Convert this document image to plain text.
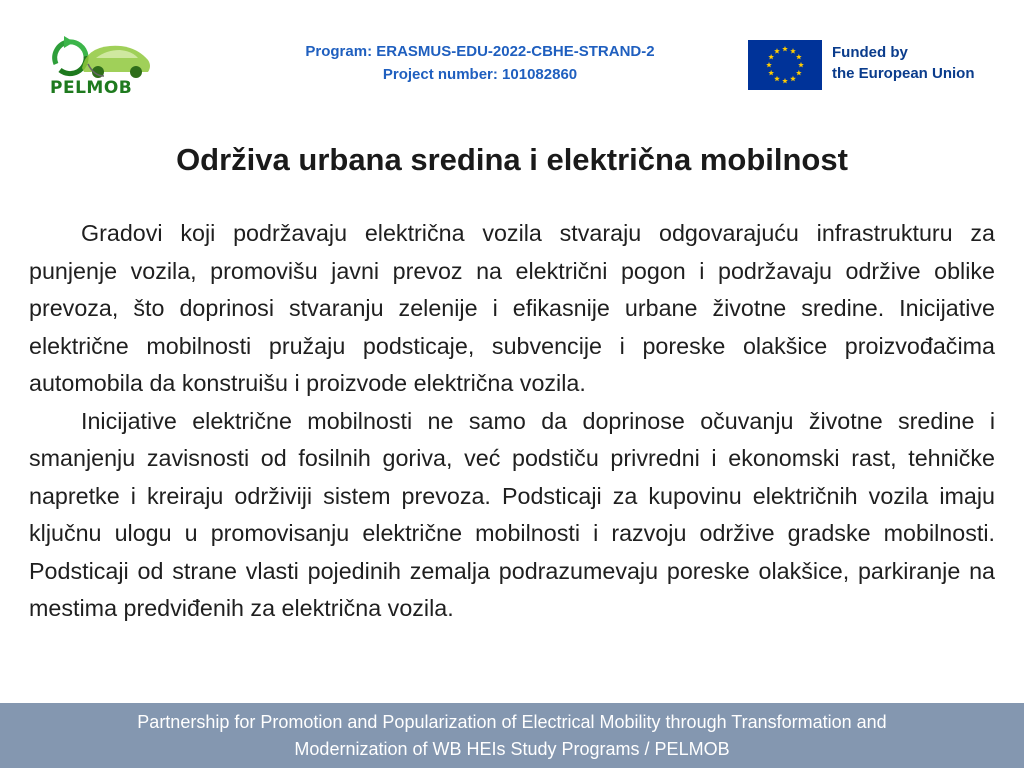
PELMOB
Program: ERASMUS-EDU-2022-CBHE-STRAND-2
Project number: 101082860
Funded by
the European Union
Održiva urbana sredina i električna mobilnost

Gradovi koji podržavaju električna vozila stvaraju odgovarajuću infrastrukturu za punjenje vozila, promovišu javni prevoz na električni pogon i podržavaju održive oblike prevoza, što doprinosi stvaranju zelenije i efikasnije urbane životne sredine. Inicijative električne mobilnosti pružaju podsticaje, subvencije i poreske olakšice proizvođačima automobila da konstruišu i proizvode električna vozila.

Inicijative električne mobilnosti ne samo da doprinose očuvanju životne sredine i smanjenju zavisnosti od fosilnih goriva, već podstiču privredni i ekonomski rast, tehničke napretke i kreiraju održiviji sistem prevoza. Podsticaji za kupovinu električnih vozila imaju ključnu ulogu u promovisanju električne mobilnosti i razvoju održive gradske mobilnosti. Podsticaji od strane vlasti pojedinih zemalja podrazumevaju poreske olakšice, parkiranje na mestima predviđenih za električna vozila.

Partnership for Promotion and Popularization of Electrical Mobility through Transformation and
Modernization of WB HEIs Study Programs / PELMOB
